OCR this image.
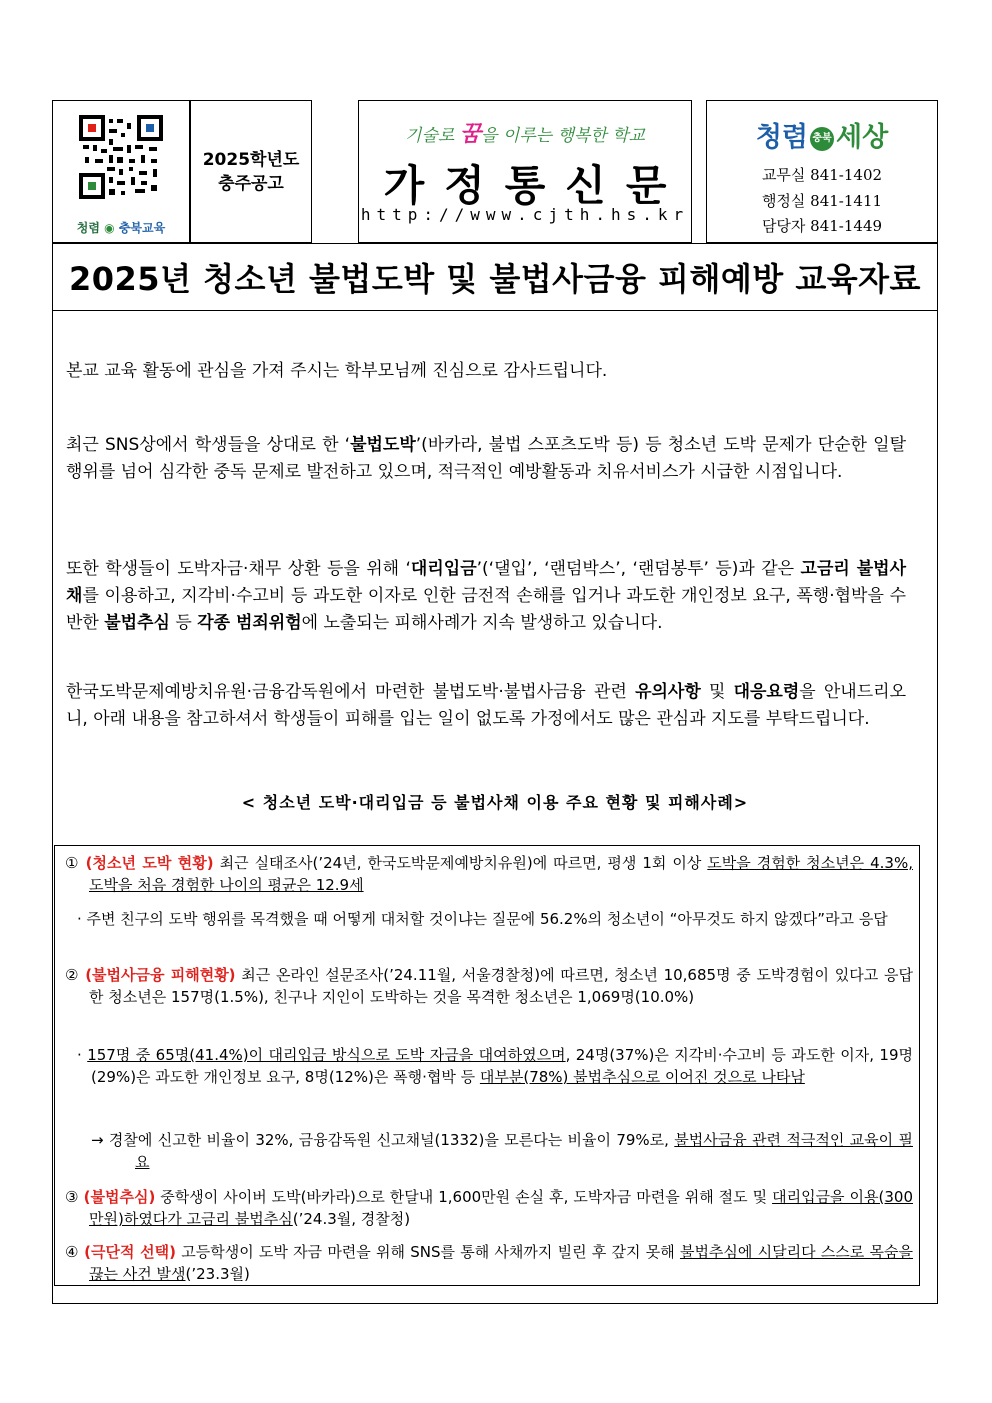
청렴 ◉ 충북교육
2025학년도
충주공고
기술로 꿈을 이루는 행복한 학교
가정통신문
http://www.cjth.hs.kr
청렴 충북 세상
교무실 841-1402
행정실 841-1411
담당자 841-1449
2025년 청소년 불법도박 및 불법사금융 피해예방 교육자료
본교 교육 활동에 관심을 가져 주시는 학부모님께 진심으로 감사드립니다.
최근 SNS상에서 학생들을 상대로 한 ‘불법도박’(바카라, 불법 스포츠도박 등) 등 청소년 도박 문제가 단순한 일탈 행위를 넘어 심각한 중독 문제로 발전하고 있으며, 적극적인 예방활동과 치유서비스가 시급한 시점입니다.
또한 학생들이 도박자금·채무 상환 등을 위해 ‘대리입금’(‘댈입’, ‘랜덤박스’, ‘랜덤봉투’ 등)과 같은 고금리 불법사채를 이용하고, 지각비·수고비 등 과도한 이자로 인한 금전적 손해를 입거나 과도한 개인정보 요구, 폭행·협박을 수반한 불법추심 등 각종 범죄위험에 노출되는 피해사례가 지속 발생하고 있습니다.
한국도박문제예방치유원·금융감독원에서 마련한 불법도박·불법사금융 관련 유의사항 및 대응요령을 안내드리오니, 아래 내용을 참고하셔서 학생들이 피해를 입는 일이 없도록 가정에서도 많은 관심과 지도를 부탁드립니다.
< 청소년 도박·대리입금 등 불법사채 이용 주요 현황 및 피해사례>
① (청소년 도박 현황) 최근 실태조사(’24년, 한국도박문제예방치유원)에 따르면, 평생 1회 이상 도박을 경험한 청소년은 4.3%, 도박을 처음 경험한 나이의 평균은 12.9세
· 주변 친구의 도박 행위를 목격했을 때 어떻게 대처할 것이냐는 질문에 56.2%의 청소년이 “아무것도 하지 않겠다”라고 응답
② (불법사금융 피해현황) 최근 온라인 설문조사(’24.11월, 서울경찰청)에 따르면, 청소년 10,685명 중 도박경험이 있다고 응답한 청소년은 157명(1.5%), 친구나 지인이 도박하는 것을 목격한 청소년은 1,069명(10.0%)
· 157명 중 65명(41.4%)이 대리입금 방식으로 도박 자금을 대여하였으며, 24명(37%)은 지각비·수고비 등 과도한 이자, 19명(29%)은 과도한 개인정보 요구, 8명(12%)은 폭행·협박 등 대부분(78%) 불법추심으로 이어진 것으로 나타남
→ 경찰에 신고한 비율이 32%, 금융감독원 신고채널(1332)을 모른다는 비율이 79%로, 불법사금융 관련 적극적인 교육이 필요
③ (불법추심) 중학생이 사이버 도박(바카라)으로 한달내 1,600만원 손실 후, 도박자금 마련을 위해 절도 및 대리입금을 이용(300만원)하였다가 고금리 불법추심(’24.3월, 경찰청)
④ (극단적 선택) 고등학생이 도박 자금 마련을 위해 SNS를 통해 사채까지 빌린 후 갚지 못해 불법추심에 시달리다 스스로 목숨을 끊는 사건 발생(’23.3월)
